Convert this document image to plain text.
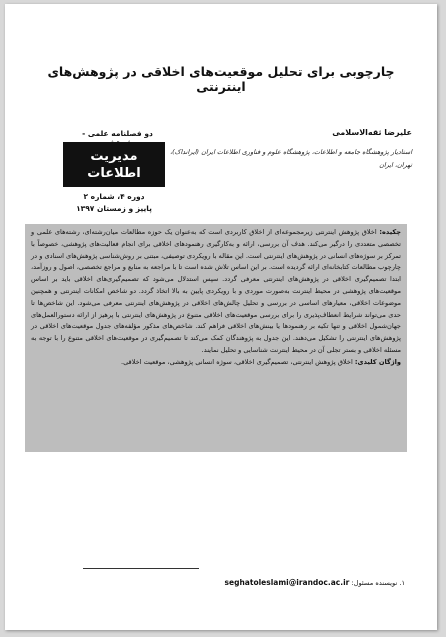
چارچوبی برای تحلیل موقعیت‌های اخلاقی در پژوهش‌های اینترنتی
دو فصلنامه علمی -
مدیریت
اطلاعات
دوره ۴، شماره ۲
پاییز و زمستان ۱۳۹۷
علیرضا ثقه‌الاسلامی
استادیار پژوهشگاه جامعه و اطلاعات، پژوهشگاه علوم و فناوری اطلاعات ایران (ایرانداک)،
تهران، ایران
چکیده: اخلاق پژوهش اینترنتی زیرمجموعه‌ای از اخلاق کاربردی است که به‌عنوان یک حوزه مطالعات میان‌رشته‌ای، رشته‌های علمی و تخصصی متعددی را درگیر می‌کند. هدف آن بررسی، ارائه و به‌کارگیری رهنمودهای اخلاقی برای انجام فعالیت‌های پژوهشی، خصوصاً با تمرکز بر سوژه‌های انسانی در پژوهش‌های اینترنتی است. این مقاله با رویکردی توصیفی، مبتنی بر روش‌شناسی پژوهش‌های اسنادی و در چارچوب مطالعات کتابخانه‌ای ارائه گردیده است. بر این اساس تلاش شده است تا با مراجعه به منابع و مراجع تخصصی، اصول و روزآمد، ابتدا تصمیم‌گیری اخلاقی در پژوهش‌های اینترنتی معرفی گردد. سپس استدلال می‌شود که تصمیم‌گیری‌های اخلاقی باید بر اساس موقعیت‌های پژوهشی در محیط اینترنت به‌صورت موردی و با رویکردی پایین به بالا اتخاذ گردد. دو شاخص امکانات اینترنتی و همچنین موضوعات اخلاقی، معیارهای اساسی در بررسی و تحلیل چالش‌های اخلاقی در پژوهش‌های اینترنتی معرفی می‌شود. این شاخص‌ها تا حدی می‌تواند شرایط انعطاف‌پذیری را برای بررسی موقعیت‌های اخلاقی متنوع در پژوهش‌های اینترنتی با پرهیز از ارائه دستورالعمل‌های جهان‌شمول اخلاقی و تنها تکیه بر رهنمودها یا بینش‌های اخلاقی فراهم کند. شاخص‌های مذکور مؤلفه‌های جدول موقعیت‌های اخلاقی در پژوهش‌های اینترنتی را تشکیل می‌دهند. این جدول به پژوهندگان کمک می‌کند تا تصمیم‌گیری در موقعیت‌های اخلاقی متنوع را با توجه به مسئله اخلاقی و بستر تجلی آن در محیط اینترنت شناسایی و تحلیل نمایند.
واژگان کلیدی: اخلاق پژوهش اینترنتی، تصمیم‌گیری اخلاقی، سوژه انسانی پژوهشی، موقعیت اخلاقی.
۱. نویسنده مسئول: seghatoleslami@irandoc.ac.ir
